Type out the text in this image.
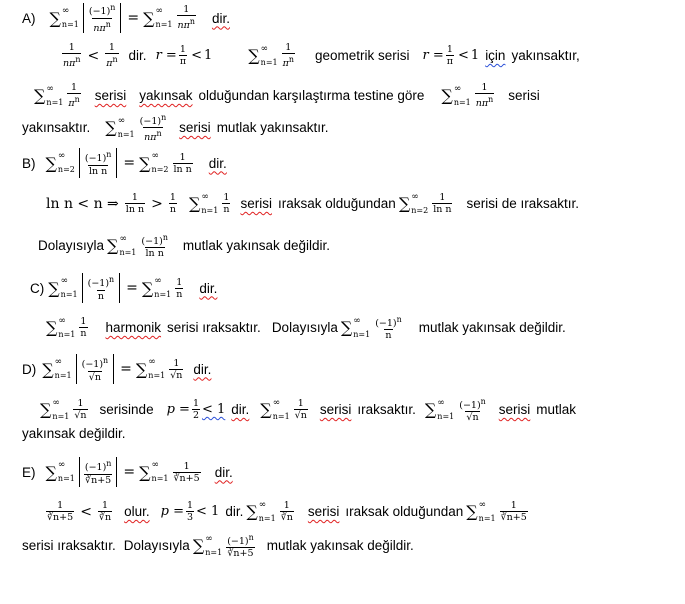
A) ∑ ∞
$n=1 \frac{(-1)^n}{n\pi^n}$ = ∑ ∞
$n=1 \frac{1}{n\pi^n}$ dir.
$\frac{1}{n\pi^n} < \frac{1}{\pi^n}$ dir. $r = \frac{1}{\pi} < 1$ ∑ ∞
$n=1 \frac{1}{\pi^n}$ geometrik serisi $r = \frac{1}{\pi} < 1$ için yakınsaktır,
∑ ∞
$n=1 \frac{1}{\pi^n}$ serisi yakınsak olduğundan karşılaştırma testine göre ∑ ∞
$n=1 \frac{1}{n\pi^n}$ serisi
yakınsaktır. ∑ ∞
$n=1 \frac{(-1)^n}{n\pi^n}$ serisi mutlak yakınsaktır.
B) ∑ ∞
$n=2 \frac{(-1)^n}{\text{ln n}}$ = ∑ ∞
$n=2 \frac{1}{\text{ln n}}$ dir.
ln n < n ⇒ $\frac{1}{\text{ln n}} > \frac{1}{n}$ ∑ ∞
$n=1 \frac{1}{n}$ serisi ıraksak olduğundan ∑ ∞
$n=2 \frac{1}{\text{ln n}}$ serisi de ıraksaktır.
Dolayısıyla ∑ ∞
$n=1 \frac{(-1)^n}{\text{ln n}}$ mutlak yakınsak değildir.
C) ∑ ∞
$n=1 \frac{(-1)^n}{n}$ = ∑ ∞
$n=1 \frac{1}{n}$ dir.
∑ ∞
$n=1 \frac{1}{n}$ harmonik serisi ıraksaktır. Dolayısıyla ∑ ∞
$n=1 \frac{(-1)^n}{n}$ mutlak yakınsak değildir.
D) ∑ ∞
$n=1 \frac{(-1)^n}{√n}$ = ∑ ∞
$n=1 \frac{1}{√n}$ dir.
∑ ∞
$n=1 \frac{1}{√n}$ serisinde $p = \frac{1}{2} < 1$ dir. ∑ ∞
$n=1 \frac{1}{√n}$ serisi ıraksaktır. ∑ ∞
$n=1 \frac{(-1)^n}{√n}$ serisi mutlak
yakınsak değildir.
E) ∑ ∞
$n=1 \frac{(-1)^n}{∛n+5}$ = ∑ ∞
$n=1 \frac{1}{∛n+5}$ dir.
$\frac{1}{∛n+5} < \frac{1}{∛n}$ olur. $p = \frac{1}{3} < 1$ dir. ∑ ∞
$n=1 \frac{1}{∛n}$ serisi ıraksak olduğundan ∑ ∞
$n=1 \frac{1}{∛n+5}$
serisi ıraksaktır. Dolayısıyla ∑ ∞
$n=1 \frac{(-1)^n}{∛n+5}$ mutlak yakınsak değildir.
